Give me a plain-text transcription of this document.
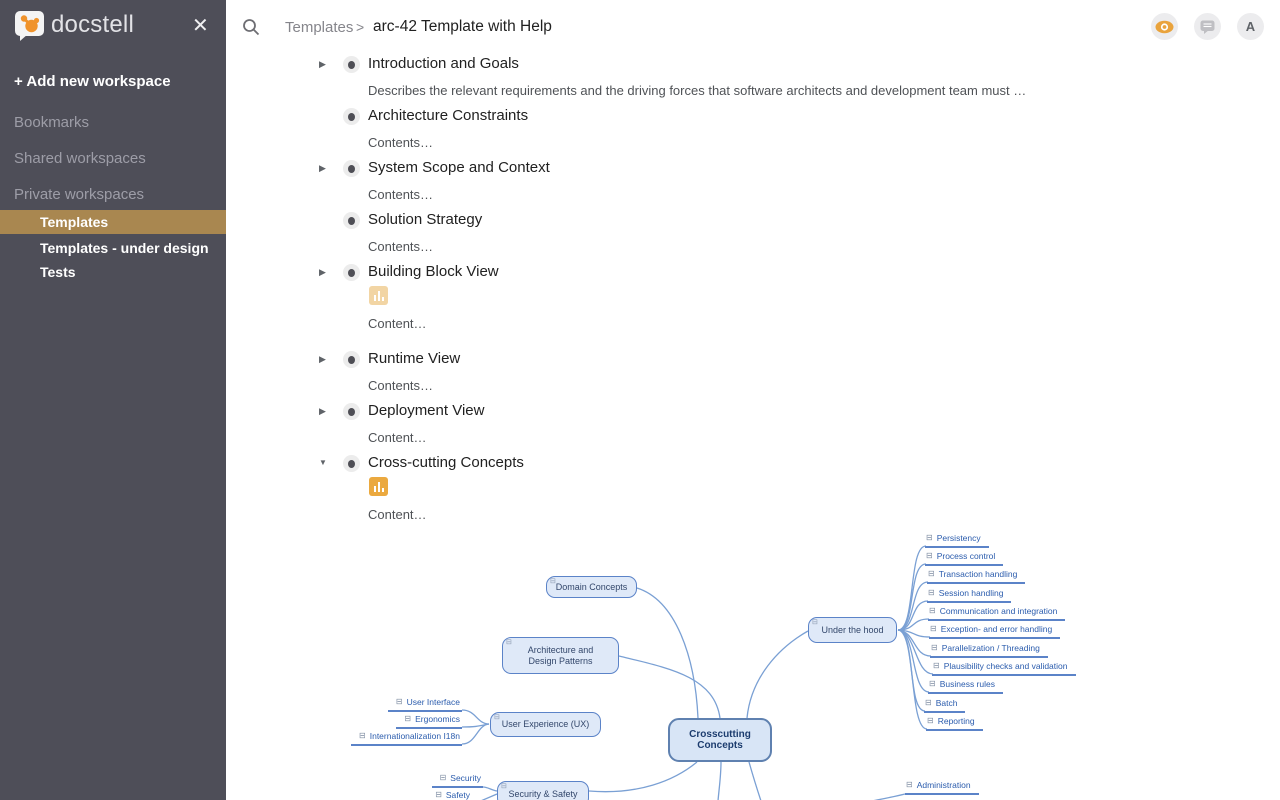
docstell	✕
+ Add new workspace
Bookmarks
Shared workspaces
Private workspaces
Templates
Templates - under design
Tests
Templates > arc-42 Template with Help	A
▶	Introduction and Goals
Describes the relevant requirements and the driving forces that software architects and development team must …
Architecture Constraints
Contents…
▶	System Scope and Context
Contents…
Solution Strategy
Contents…
▶	Building Block View
Content…
▶	Runtime View
Contents…
▶	Deployment View
Content…
▼	Cross-cutting Concepts
Content…
Crosscutting Concepts
⊟
Domain Concepts
⊟
Architecture and Design Patterns
⊟
User Experience (UX)
⊟
Under the hood
⊟
Security & Safety
⊟ Persistency
⊟ Process control
⊟ Transaction handling
⊟ Session handling
⊟ Communication and integration
⊟ Exception- and error handling
⊟ Parallelization / Threading
⊟ Plausibility checks and validation
⊟ Business rules
⊟ Batch
⊟ Reporting
⊟ User Interface
⊟ Ergonomics
⊟ Internationalization I18n
⊟ Security
⊟ Safety
⊟ Administration
